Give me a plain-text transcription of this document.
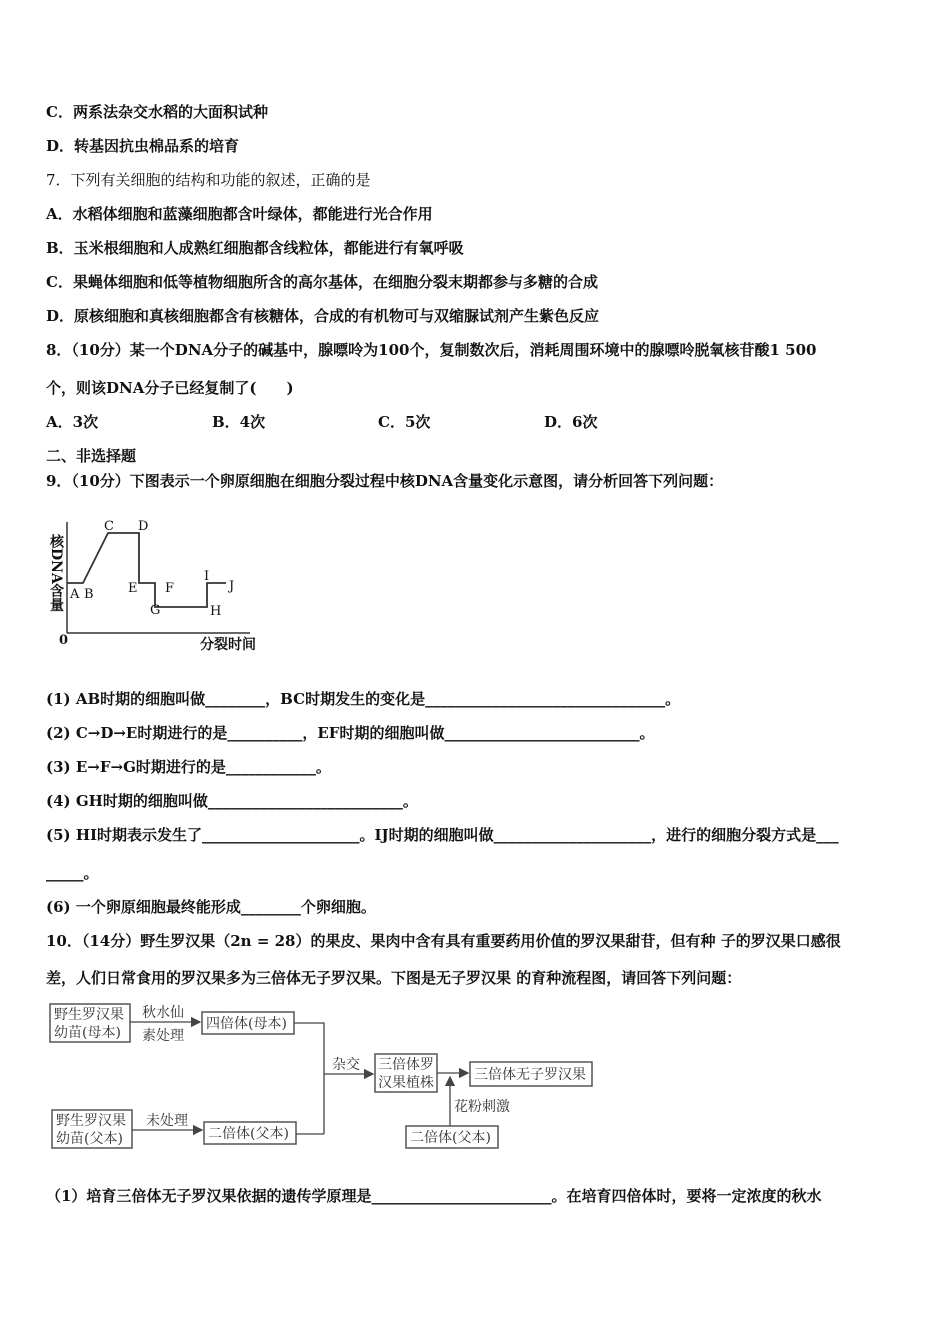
C．两系法杂交水稻的大面积试种
D．转基因抗虫棉品系的培育
7．下列有关细胞的结构和功能的叙述，正确的是
A．水稻体细胞和蓝藻细胞都含叶绿体，都能进行光合作用
B．玉米根细胞和人成熟红细胞都含线粒体，都能进行有氧呼吸
C．果蝇体细胞和低等植物细胞所含的高尔基体，在细胞分裂末期都参与多糖的合成
D．原核细胞和真核细胞都含有核糖体，合成的有机物可与双缩脲试剂产生紫色反应
8．（10分）某一个DNA分子的碱基中，腺嘌呤为100个，复制数次后，消耗周围环境中的腺嘌呤脱氧核苷酸1 500
个，则该DNA分子已经复制了(　　)
A．3次	B．4次	C．5次	D．6次
二、非选择题
9．（10分）下图表示一个卵原细胞在细胞分裂过程中核DNA含量变化示意图，请分析回答下列问题：
核DNA含量
0
A B
C D
E F
G	H
I
J
分裂时间
(1) AB时期的细胞叫做________，BC时期发生的变化是________________________________。
(2) C→D→E时期进行的是__________，EF时期的细胞叫做__________________________。
(3) E→F→G时期进行的是____________。
(4) GH时期的细胞叫做__________________________。
(5) HI时期表示发生了_____________________。IJ时期的细胞叫做_____________________，进行的细胞分裂方式是___
_____。
(6) 一个卵原细胞最终能形成________个卵细胞。
10．（14分）野生罗汉果（2n = 28）的果皮、果肉中含有具有重要药用价值的罗汉果甜苷，但有种 子的罗汉果口感很
差，人们日常食用的罗汉果多为三倍体无子罗汉果。下图是无子罗汉果 的育种流程图，请回答下列问题：
野生罗汉果
幼苗(母本)
秋水仙
素处理
四倍体(母本)
野生罗汉果
幼苗(父本)
未处理
二倍体(父本)
杂交 三倍体罗
汉果植株	三倍体无子罗汉果
花粉刺激
二倍体(父本)
（1）培育三倍体无子罗汉果依据的遗传学原理是________________________。在培育四倍体时，要将一定浓度的秋水
